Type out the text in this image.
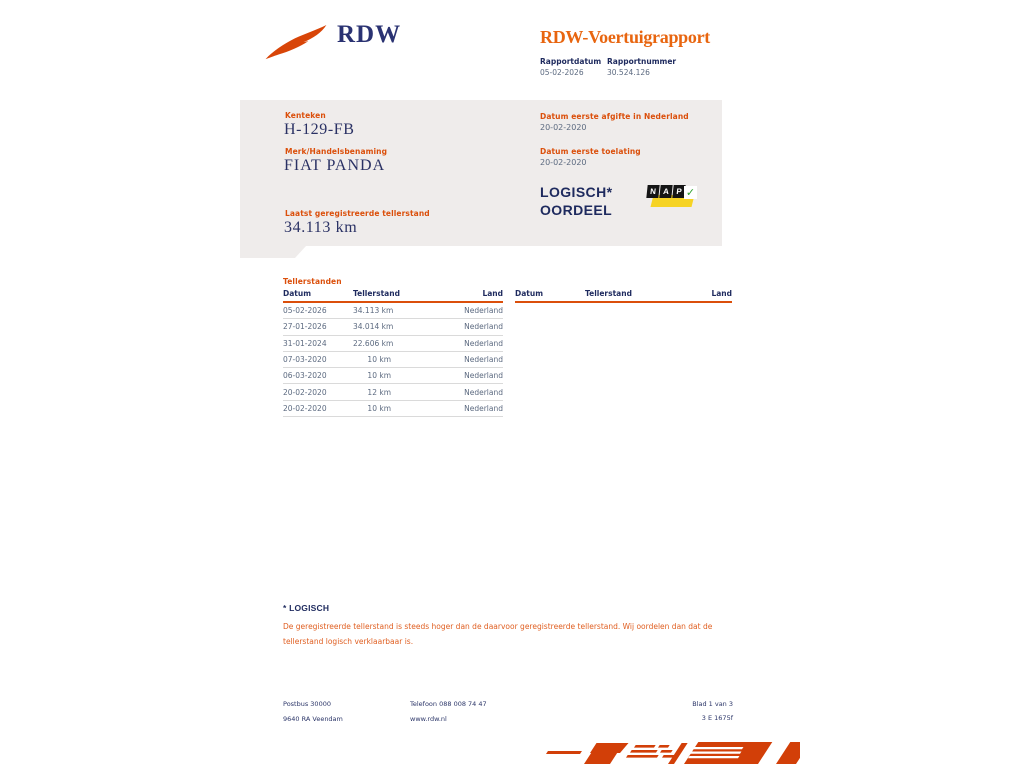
RDW	RDW-Voertuigrapport
Rapportdatum Rapportnummer
05-02-2026	30.524.126
Kenteken
H-129-FB
Merk/Handelsbenaming
FIAT PANDA
Laatst geregistreerde tellerstand
34.113 km
Datum eerste afgifte in Nederland
20-02-2020
Datum eerste toelating
20-02-2020
LOGISCH*
OORDEEL
N A P ✓
Tellerstanden
Datum	Tellerstand	Land
05-02-2026	34.113 km	Nederland
27-01-2026	34.014 km	Nederland
31-01-2024	22.606 km	Nederland
07-03-2020	10 km	Nederland
06-03-2020	10 km	Nederland
20-02-2020	12 km	Nederland
20-02-2020	10 km	Nederland
Datum	Tellerstand	Land
* LOGISCH
De geregistreerde tellerstand is steeds hoger dan de daarvoor geregistreerde tellerstand. Wij oordelen dan dat de tellerstand logisch verklaarbaar is.
Postbus 30000
9640 RA Veendam
Telefoon 088 008 74 47
www.rdw.nl
Blad 1 van 3
3 E 1675f
